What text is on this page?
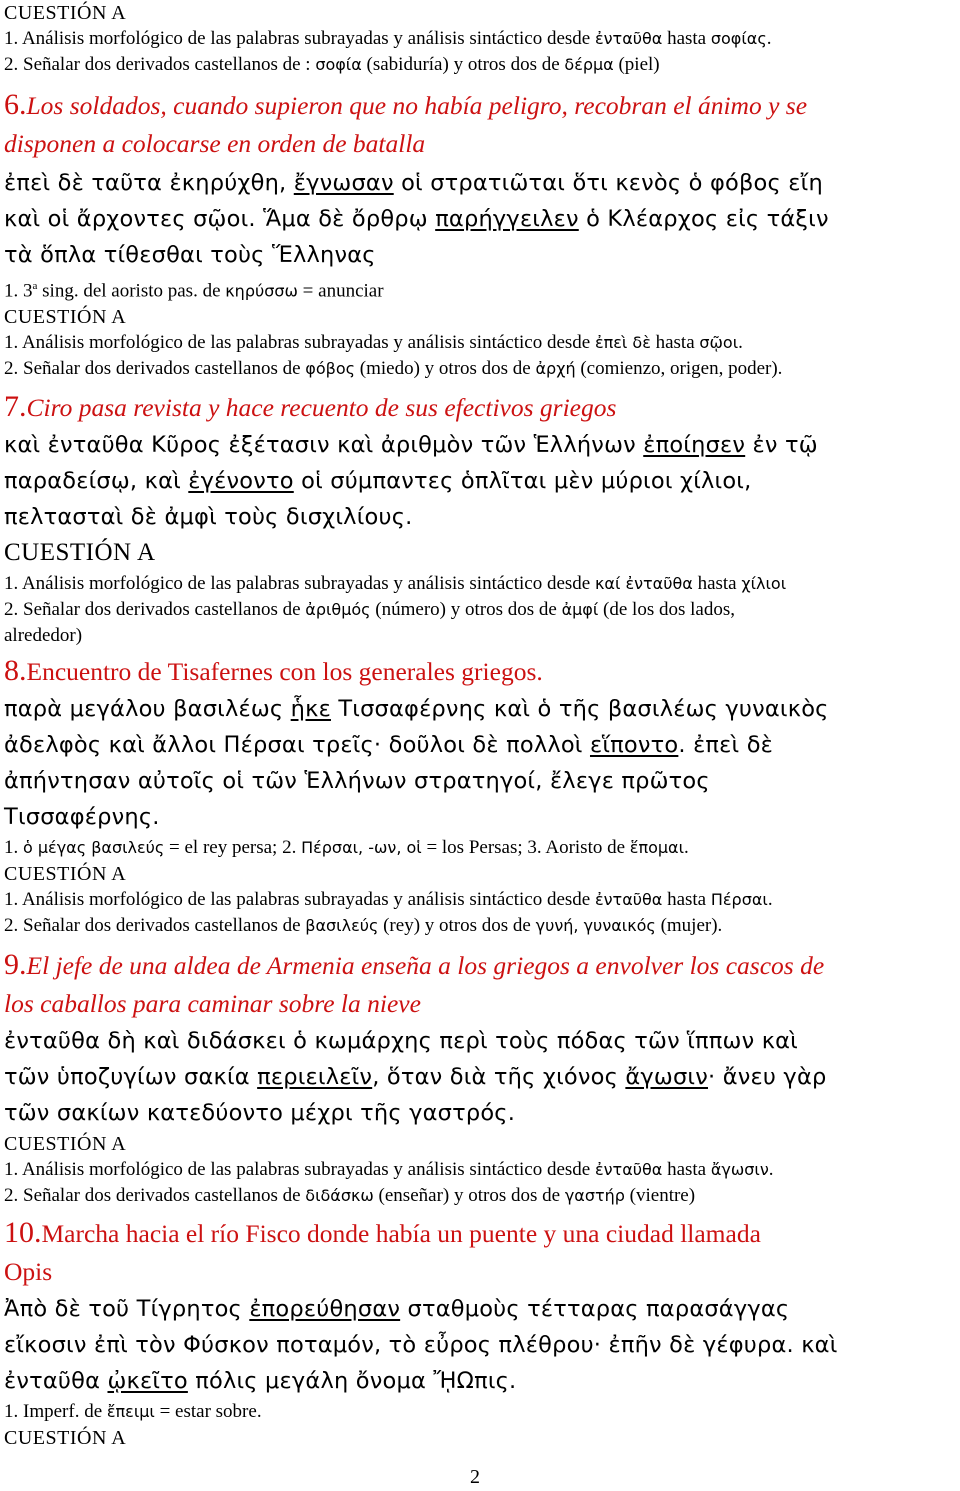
CUESTIÓN A

1. Análisis morfológico de las palabras subrayadas y análisis sintáctico desde ἐνταῦθα hasta σοφίας.

2. Señalar dos derivados castellanos de : σοφία (sabiduría) y otros dos de δέρμα (piel)

6.Los soldados, cuando supieron que no había peligro, recobran el ánimo y se

disponen a colocarse en orden de batalla

ἐπεὶ δὲ ταῦτα ἐκηρύχθη, ἔγνωσαν οἱ στρατιῶται ὅτι κενὸς ὁ φόβος εἴη

καὶ οἱ ἄρχοντες σῷοι. Ἅμα δὲ ὄρθρῳ παρήγγειλεν ὁ Κλέαρχος εἰς τάξιν

τὰ ὅπλα τίθεσθαι τοὺς Ἕλληνας

1. 3$^a$ sing. del aoristo pas. de κηρύσσω = anunciar

CUESTIÓN A

1. Análisis morfológico de las palabras subrayadas y análisis sintáctico desde ἐπεὶ δὲ hasta σῷοι.

2. Señalar dos derivados castellanos de φόβος (miedo) y otros dos de ἀρχή (comienzo, origen, poder).

7.Ciro pasa revista y hace recuento de sus efectivos griegos

καὶ ἐνταῦθα Κῦρος ἐξέτασιν καὶ ἀριθμὸν τῶν Ἑλλήνων ἐποίησεν ἐν τῷ

παραδείσῳ, καὶ ἐγένοντο οἱ σύμπαντες ὁπλῖται μὲν μύριοι χίλιοι,

πελτασταὶ δὲ ἀμφὶ τοὺς δισχιλίους.

CUESTIÓN A

1. Análisis morfológico de las palabras subrayadas y análisis sintáctico desde καί ἐνταῦθα hasta χίλιοι

2. Señalar dos derivados castellanos de ἀριθμός (número) y otros dos de ἀμφί (de los dos lados,

alrededor)

8.Encuentro de Tisafernes con los generales griegos.

παρὰ μεγάλου βασιλέως ἧκε Τισσαφέρνης καὶ ὁ τῆς βασιλέως γυναικὸς

ἀδελφὸς καὶ ἄλλοι Πέρσαι τρεῖς· δοῦλοι δὲ πολλοὶ εἵποντο. ἐπεὶ δὲ

ἀπήντησαν αὐτοῖς οἱ τῶν Ἑλλήνων στρατηγοί, ἔλεγε πρῶτος

Τισσαφέρνης.

1. ὁ μέγας βασιλεύς = el rey persa; 2. Πέρσαι, -ων, οἱ = los Persas; 3. Aoristo de ἕπομαι.

CUESTIÓN A

1. Análisis morfológico de las palabras subrayadas y análisis sintáctico desde ἐνταῦθα hasta Πέρσαι.

2. Señalar dos derivados castellanos de βασιλεύς (rey) y otros dos de γυνή, γυναικός (mujer).

9.El jefe de una aldea de Armenia enseña a los griegos a envolver los cascos de

los caballos para caminar sobre la nieve

ἐνταῦθα δὴ καὶ διδάσκει ὁ κωμάρχης περὶ τοὺς πόδας τῶν ἵππων καὶ

τῶν ὑποζυγίων σακία περιειλεῖν, ὅταν διὰ τῆς χιόνος ἄγωσιν· ἄνευ γὰρ

τῶν σακίων κατεδύοντο μέχρι τῆς γαστρός.

CUESTIÓN A

1. Análisis morfológico de las palabras subrayadas y análisis sintáctico desde ἐνταῦθα hasta ἄγωσιν.

2. Señalar dos derivados castellanos de διδάσκω (enseñar) y otros dos de γαστήρ (vientre)

10.Marcha hacia el río Fisco donde había un puente y una ciudad llamada

Opis

Ἀπὸ δὲ τοῦ Τίγρητος ἐπορεύθησαν σταθμοὺς τέτταρας παρασάγγας

εἴκοσιν ἐπὶ τὸν Φύσκον ποταμόν, τὸ εὖρος πλέθρου· ἐπῆν δὲ γέφυρα. καὶ

ἐνταῦθα ᾠκεῖτο πόλις μεγάλη ὄνομα ᾜΩπις.

1. Imperf. de ἔπειμι = estar sobre.

CUESTIÓN A

2
